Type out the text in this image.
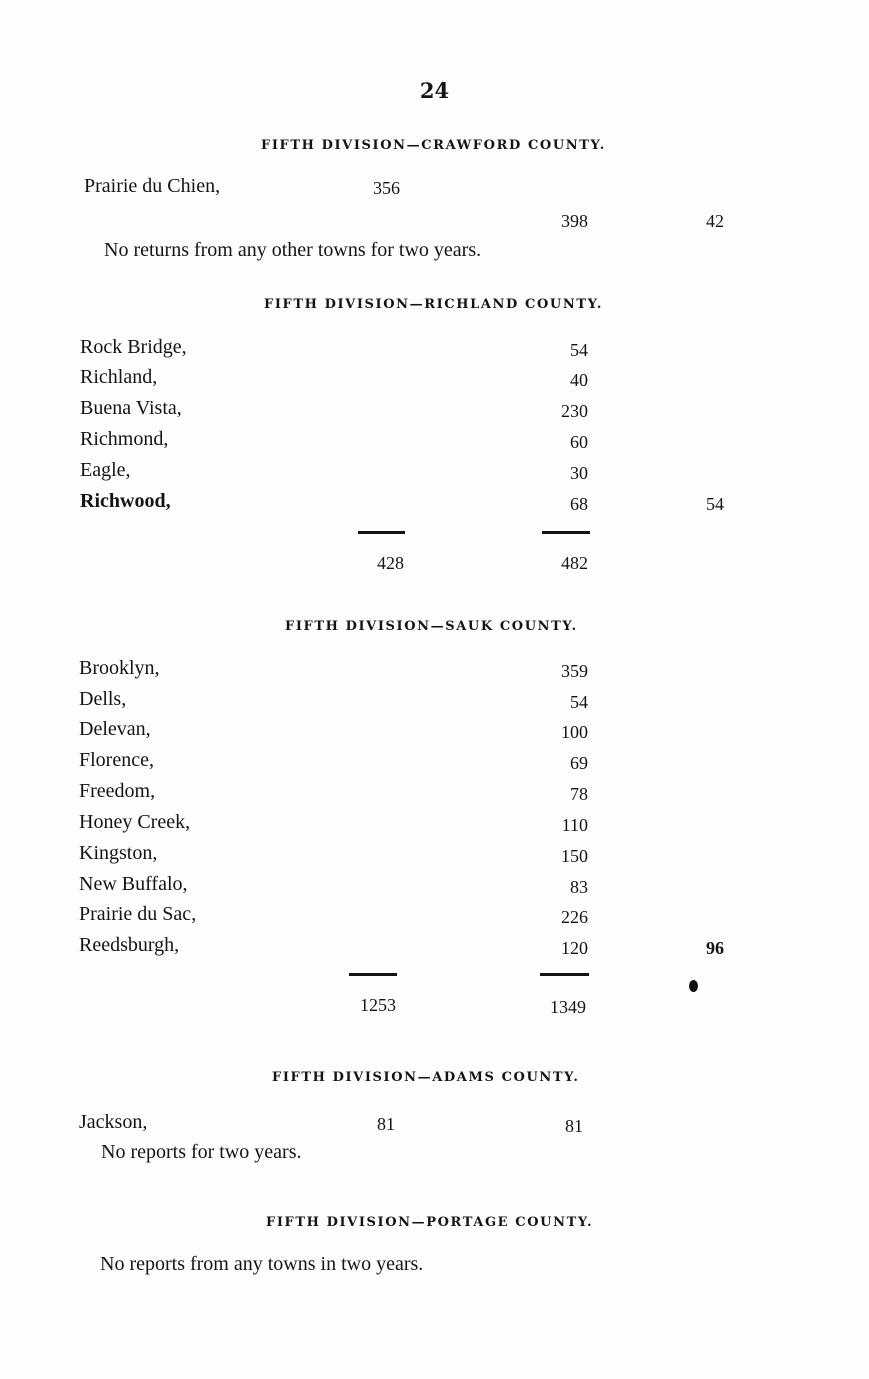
24
FIFTH DIVISION—CRAWFORD COUNTY.
Prairie du Chien,	356
398	42
No returns from any other towns for two years.
FIFTH DIVISION—RICHLAND COUNTY.
Rock Bridge,	54
Richland,	40
Buena Vista,	230
Richmond,	60
Eagle,	30
Richwood,	68	54
428	482
FIFTH DIVISION—SAUK COUNTY.
Brooklyn,	359
Dells,	54
Delevan,	100
Florence,	69
Freedom,	78
Honey Creek,	110
Kingston,	150
New Buffalo,	83
Prairie du Sac,	226
Reedsburgh,	120	96
1253	1349
FIFTH DIVISION—ADAMS COUNTY.
Jackson,	81	81
No reports for two years.
FIFTH DIVISION—PORTAGE COUNTY.
No reports from any towns in two years.
